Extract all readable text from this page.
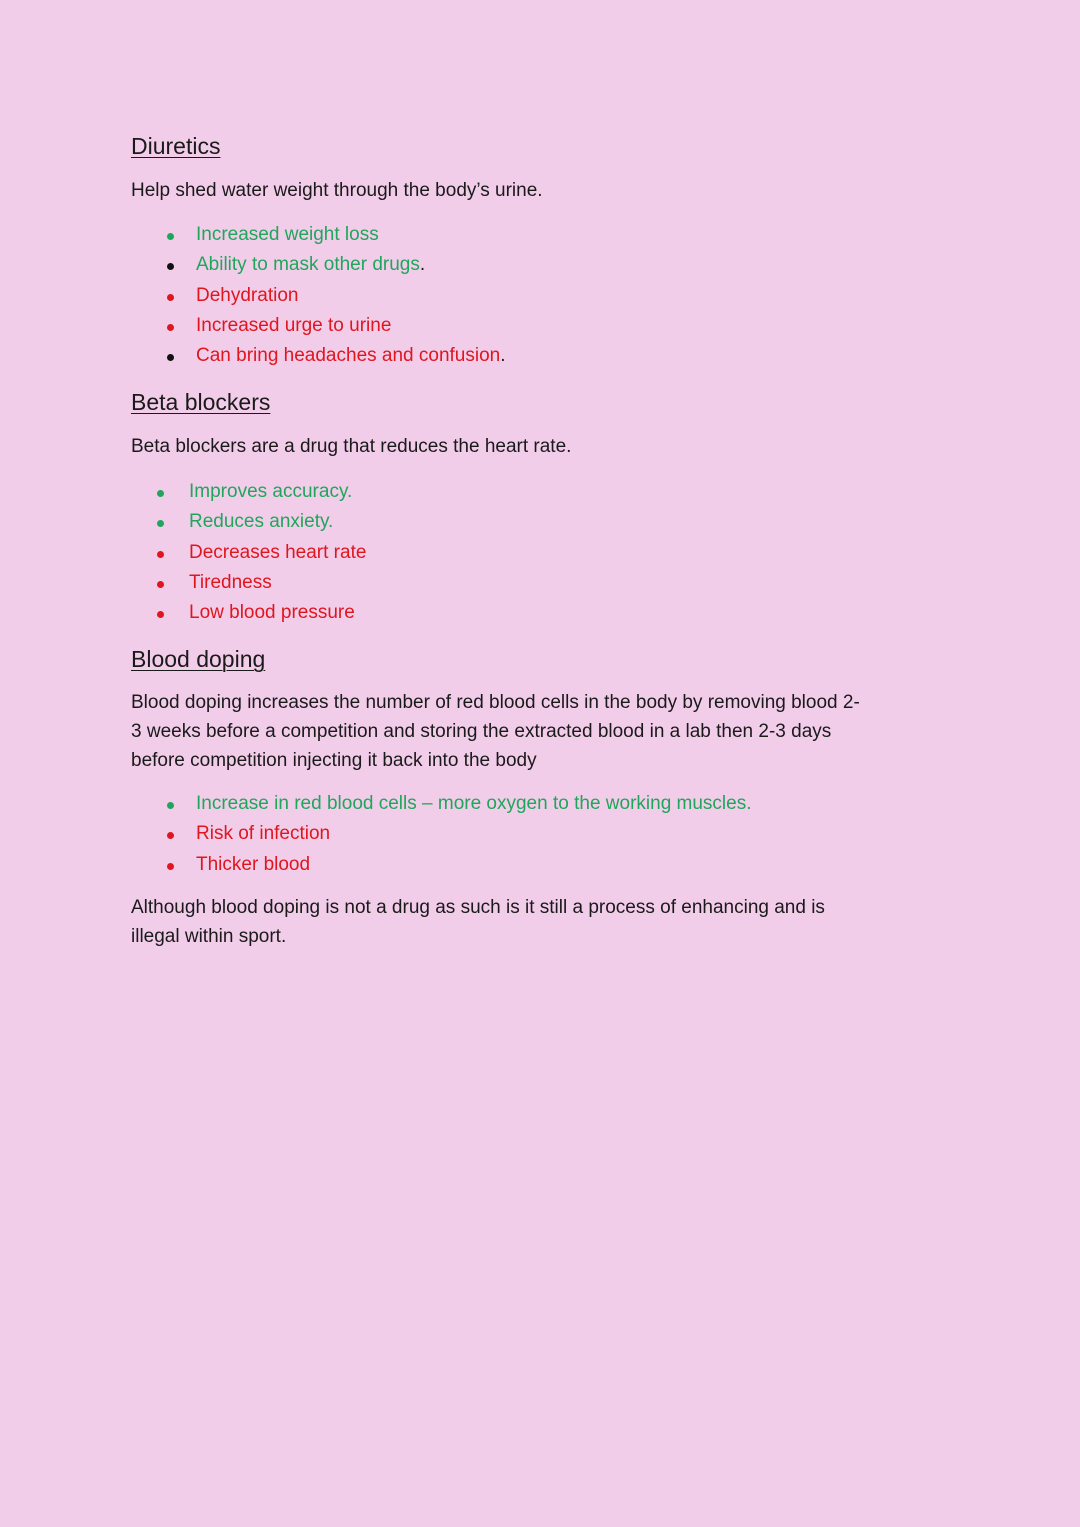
Diuretics

Help shed water weight through the body’s urine.

Increased weight loss
Ability to mask other drugs.
Dehydration
Increased urge to urine
Can bring headaches and confusion.
Beta blockers

Beta blockers are a drug that reduces the heart rate.

Improves accuracy.
Reduces anxiety.
Decreases heart rate
Tiredness
Low blood pressure
Blood doping

Blood doping increases the number of red blood cells in the body by removing blood 2-

3 weeks before a competition and storing the extracted blood in a lab then 2-3 days

before competition injecting it back into the body

Increase in red blood cells – more oxygen to the working muscles.
Risk of infection
Thicker blood

Although blood doping is not a drug as such is it still a process of enhancing and is

illegal within sport.
